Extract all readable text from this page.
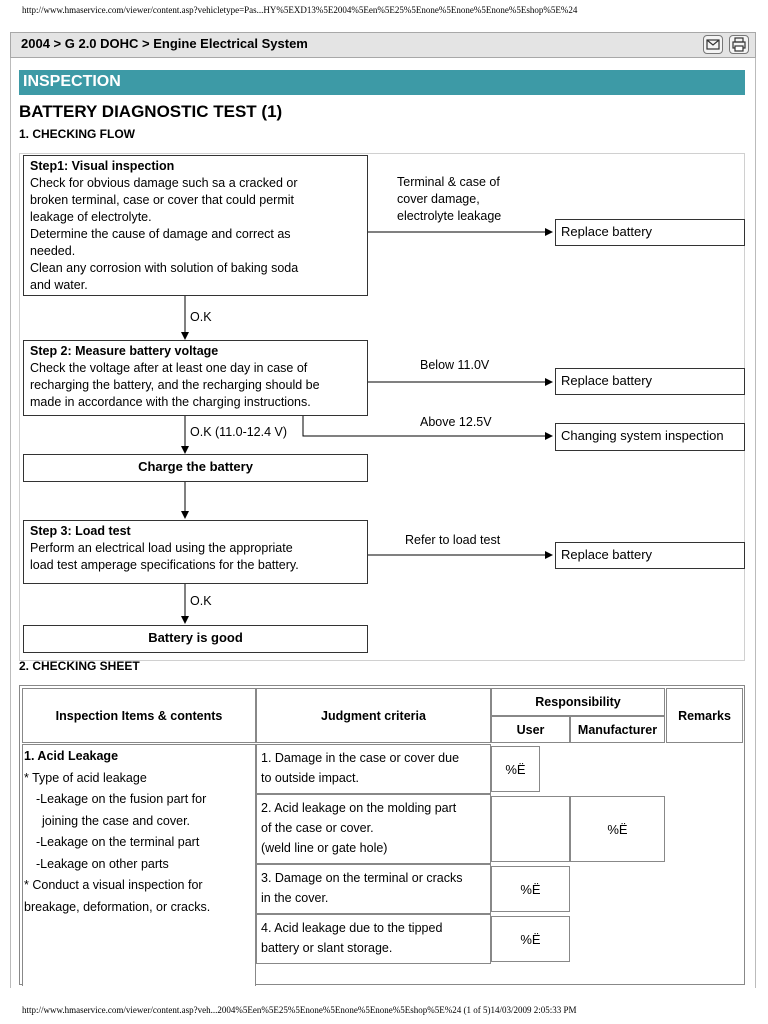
http://www.hmaservice.com/viewer/content.asp?vehicletype=Pas...HY%5EXD13%5E2004%5Een%5E25%5Enone%5Enone%5Enone%5Eshop%5E%24
2004 > G 2.0 DOHC > Engine Electrical System
INSPECTION
BATTERY DIAGNOSTIC TEST (1)
1. CHECKING FLOW
Step1: Visual inspection
Check for obvious damage such sa a cracked or
broken terminal, case or cover that could permit
leakage of electrolyte.
Determine the cause of damage and correct as
needed.
Clean any corrosion with solution of baking soda
and water.
Terminal & case of
cover damage,
electrolyte leakage
Replace battery
O.K
Step 2: Measure battery voltage
Check the voltage after at least one day in case of
recharging the battery, and the recharging should be
made in accordance with the charging instructions.
Below 11.0V
Replace battery
Above 12.5V
Changing system inspection
O.K (11.0-12.4 V)
Charge the battery
Step 3: Load test
Perform an electrical load using the appropriate
load test amperage specifications for the battery.
Refer to load test
Replace battery
O.K
Battery is good
2. CHECKING SHEET
Inspection Items & contents	Judgment criteria
Responsibility
User	Manufacturer
Remarks
1. Acid Leakage
* Type of acid leakage
-Leakage on the fusion part for
joining the case and cover.
-Leakage on the terminal part
-Leakage on other parts
* Conduct a visual inspection for
breakage, deformation, or cracks.
1. Damage in the case or cover due
to outside impact.
%Ë
2. Acid leakage on the molding part
of the case or cover.
(weld line or gate hole)
%Ë
3. Damage on the terminal or cracks
in the cover.
%Ë
4. Acid leakage due to the tipped
battery or slant storage.
%Ë
http://www.hmaservice.com/viewer/content.asp?veh...2004%5Een%5E25%5Enone%5Enone%5Enone%5Eshop%5E%24 (1 of 5)14/03/2009 2:05:33 PM
